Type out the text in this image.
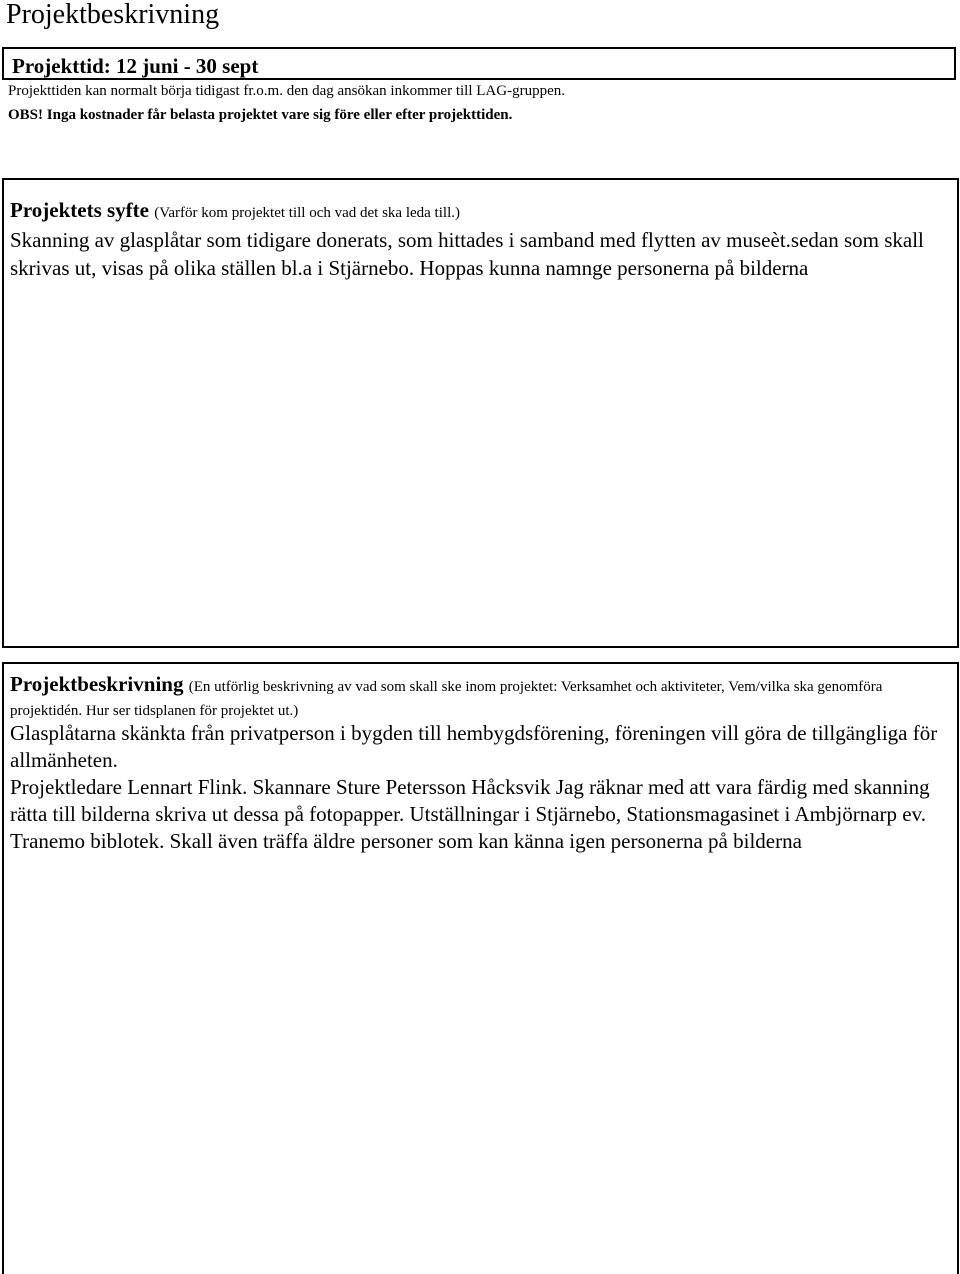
Projektbeskrivning
Projekttid: 12 juni - 30 sept

Projekttiden kan normalt börja tidigast fr.o.m. den dag ansökan inkommer till LAG-gruppen.

OBS! Inga kostnader får belasta projektet vare sig före eller efter projekttiden.

Projektets syfte (Varför kom projektet till och vad det ska leda till.)

Skanning av glasplåtar som tidigare donerats, som hittades i samband med flytten av museèt.sedan som skall skrivas ut, visas på olika ställen bl.a i Stjärnebo. Hoppas kunna namnge personerna på bilderna

Projektbeskrivning (En utförlig beskrivning av vad som skall ske inom projektet: Verksamhet och aktiviteter, Vem/vilka ska genomföra projektidén. Hur ser tidsplanen för projektet ut.)

Glasplåtarna skänkta från privatperson i bygden till hembygdsförening, föreningen vill göra de tillgängliga för allmänheten.

Projektledare Lennart Flink. Skannare Sture Petersson Håcksvik Jag räknar med att vara färdig med skanning rätta till bilderna skriva ut dessa på fotopapper. Utställningar i Stjärnebo, Stationsmagasinet i Ambjörnarp ev. Tranemo biblotek. Skall även träffa äldre personer som kan känna igen personerna på bilderna
